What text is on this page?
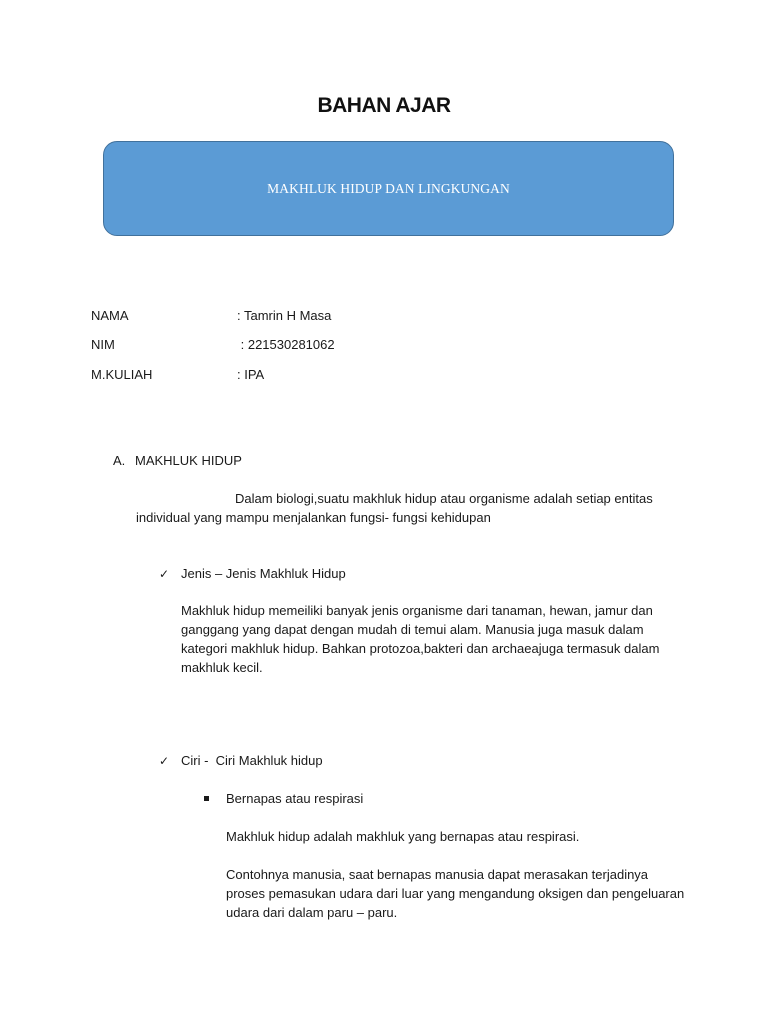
BAHAN AJAR
MAKHLUK HIDUP DAN LINGKUNGAN
NAMA	: Tamrin H Masa
NIM	: 221530281062
M.KULIAH	: IPA
A. MAKHLUK HIDUP
Dalam biologi,suatu makhluk hidup atau organisme adalah setiap entitas individual yang mampu menjalankan fungsi- fungsi kehidupan
✓ Jenis – Jenis Makhluk Hidup
Makhluk hidup memeiliki banyak jenis organisme dari tanaman, hewan, jamur dan ganggang yang dapat dengan mudah di temui alam. Manusia juga masuk dalam kategori makhluk hidup. Bahkan protozoa,bakteri dan archaeajuga termasuk dalam makhluk kecil.
✓ Ciri -  Ciri Makhluk hidup
Bernapas atau respirasi
Makhluk hidup adalah makhluk yang bernapas atau respirasi.
Contohnya manusia, saat bernapas manusia dapat merasakan terjadinya proses pemasukan udara dari luar yang mengandung oksigen dan pengeluaran udara dari dalam paru – paru.
